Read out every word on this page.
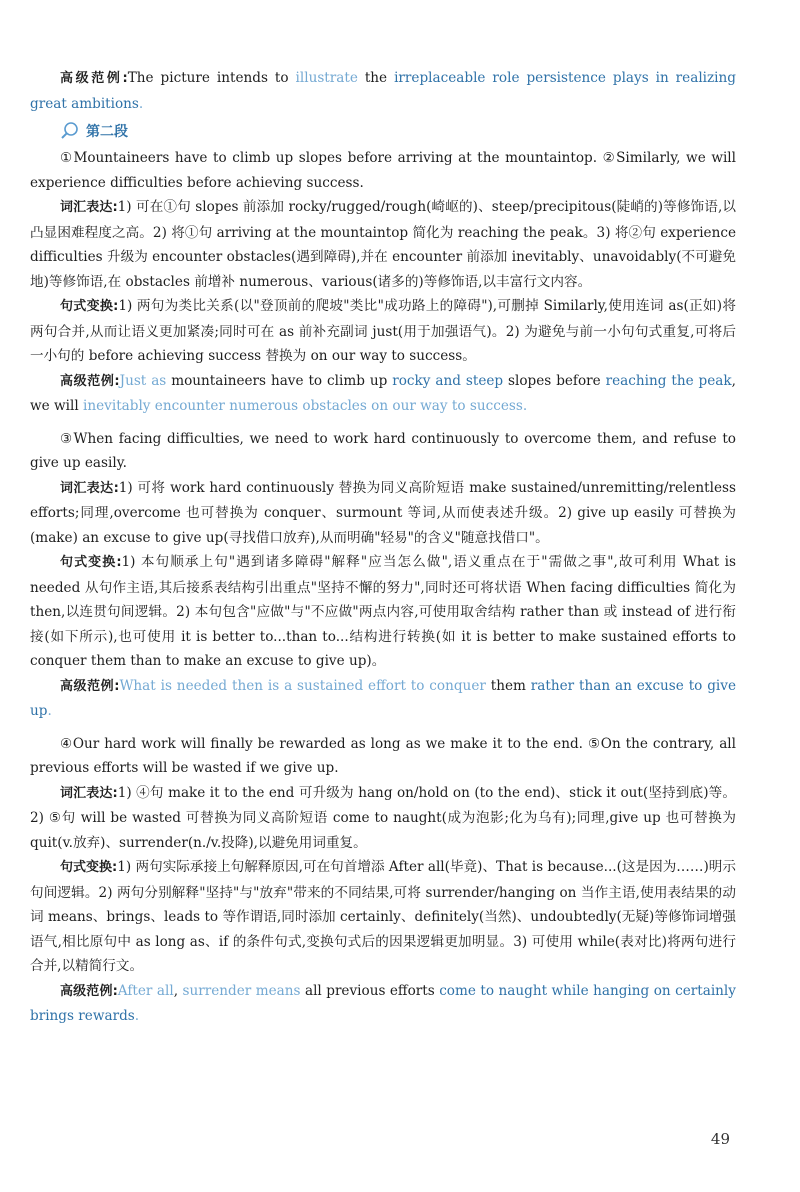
高级范例:The picture intends to illustrate the irreplaceable role persistence plays in realizing great ambitions.

第二段

①Mountaineers have to climb up slopes before arriving at the mountaintop. ②Similarly, we will experience difficulties before achieving success.

词汇表达:1) 可在①句 slopes 前添加 rocky/rugged/rough(崎岖的)、steep/precipitous(陡峭的)等修饰语,以凸显困难程度之高。2) 将①句 arriving at the mountaintop 简化为 reaching the peak。3) 将②句 experience difficulties 升级为 encounter obstacles(遇到障碍),并在 encounter 前添加 inevitably、unavoidably(不可避免地)等修饰语,在 obstacles 前增补 numerous、various(诸多的)等修饰语,以丰富行文内容。

句式变换:1) 两句为类比关系(以"登顶前的爬坡"类比"成功路上的障碍"),可删掉 Similarly,使用连词 as(正如)将两句合并,从而让语义更加紧凑;同时可在 as 前补充副词 just(用于加强语气)。2) 为避免与前一小句句式重复,可将后一小句的 before achieving success 替换为 on our way to success。

高级范例:Just as mountaineers have to climb up rocky and steep slopes before reaching the peak, we will inevitably encounter numerous obstacles on our way to success.

③When facing difficulties, we need to work hard continuously to overcome them, and refuse to give up easily.

词汇表达:1) 可将 work hard continuously 替换为同义高阶短语 make sustained/unremitting/relentless efforts;同理,overcome 也可替换为 conquer、surmount 等词,从而使表述升级。2) give up easily 可替换为(make) an excuse to give up(寻找借口放弃),从而明确"轻易"的含义"随意找借口"。

句式变换:1) 本句顺承上句"遇到诸多障碍"解释"应当怎么做",语义重点在于"需做之事",故可利用 What is needed 从句作主语,其后接系表结构引出重点"坚持不懈的努力",同时还可将状语 When facing difficulties 简化为 then,以连贯句间逻辑。2) 本句包含"应做"与"不应做"两点内容,可使用取舍结构 rather than 或 instead of 进行衔接(如下所示),也可使用 it is better to...than to...结构进行转换(如 it is better to make sustained efforts to conquer them than to make an excuse to give up)。

高级范例:What is needed then is a sustained effort to conquer them rather than an excuse to give up.

④Our hard work will finally be rewarded as long as we make it to the end. ⑤On the contrary, all previous efforts will be wasted if we give up.

词汇表达:1) ④句 make it to the end 可升级为 hang on/hold on (to the end)、stick it out(坚持到底)等。2) ⑤句 will be wasted 可替换为同义高阶短语 come to naught(成为泡影;化为乌有);同理,give up 也可替换为 quit(v.放弃)、surrender(n./v.投降),以避免用词重复。

句式变换:1) 两句实际承接上句解释原因,可在句首增添 After all(毕竟)、That is because...(这是因为……)明示句间逻辑。2) 两句分别解释"坚持"与"放弃"带来的不同结果,可将 surrender/hanging on 当作主语,使用表结果的动词 means、brings、leads to 等作谓语,同时添加 certainly、definitely(当然)、undoubtedly(无疑)等修饰词增强语气,相比原句中 as long as、if 的条件句式,变换句式后的因果逻辑更加明显。3) 可使用 while(表对比)将两句进行合并,以精简行文。

高级范例:After all, surrender means all previous efforts come to naught while hanging on certainly brings rewards.

49
